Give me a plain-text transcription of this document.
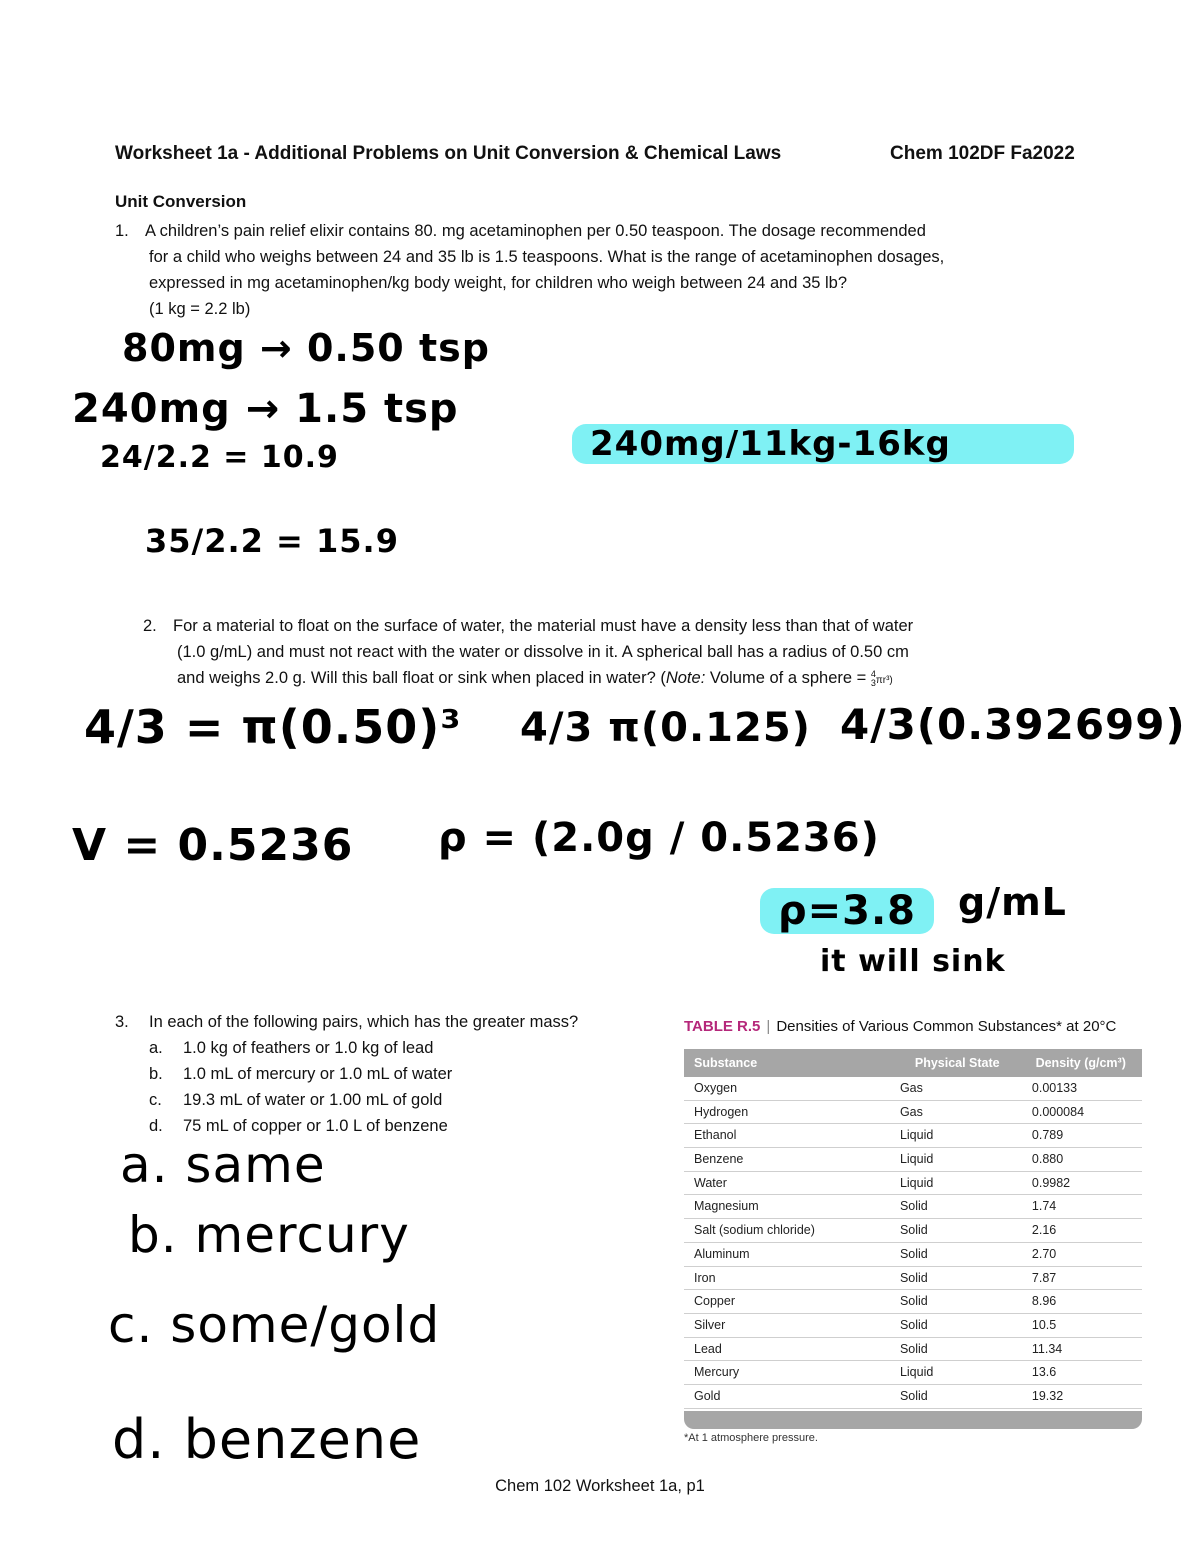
Worksheet 1a - Additional Problems on Unit Conversion & Chemical Laws	Chem 102DF Fa2022
Unit Conversion
1. A children’s pain relief elixir contains 80. mg acetaminophen per 0.50 teaspoon. The dosage recommended
for a child who weighs between 24 and 35 lb is 1.5 teaspoons. What is the range of acetaminophen dosages,
expressed in mg acetaminophen/kg body weight, for children who weigh between 24 and 35 lb?
(1 kg = 2.2 lb)
80mg → 0.50 tsp
240mg → 1.5 tsp
24/2.2 = 10.9
35/2.2 = 15.9
240mg/11kg-16kg
2. For a material to float on the surface of water, the material must have a density less than that of water
(1.0 g/mL) and must not react with the water or dissolve in it. A spherical ball has a radius of 0.50 cm
and weighs 2.0 g. Will this ball float or sink when placed in water? (Note: Volume of a sphere = 4
3πr³)
4/3 = π(0.50)³ 4/3 π(0.125) 4/3(0.392699)
V = 0.5236 ρ = (2.0g / 0.5236)
ρ=3.8	g/mL
it will sink
3. In each of the following pairs, which has the greater mass?
a. 1.0 kg of feathers or 1.0 kg of lead
b. 1.0 mL of mercury or 1.0 mL of water
c. 19.3 mL of water or 1.00 mL of gold
d. 75 mL of copper or 1.0 L of benzene
a. same
b. mercury
c. some/gold
d. benzene
TABLE R.5 | Densities of Various Common Substances* at 20°C
Substance	Physical State	Density (g/cm³)
Oxygen	Gas	0.00133
Hydrogen	Gas	0.000084
Ethanol	Liquid	0.789
Benzene	Liquid	0.880
Water	Liquid	0.9982
Magnesium	Solid	1.74
Salt (sodium chloride)	Solid	2.16
Aluminum	Solid	2.70
Iron	Solid	7.87
Copper	Solid	8.96
Silver	Solid	10.5
Lead	Solid	11.34
Mercury	Liquid	13.6
Gold	Solid	19.32
*At 1 atmosphere pressure.
Chem 102 Worksheet 1a, p1
